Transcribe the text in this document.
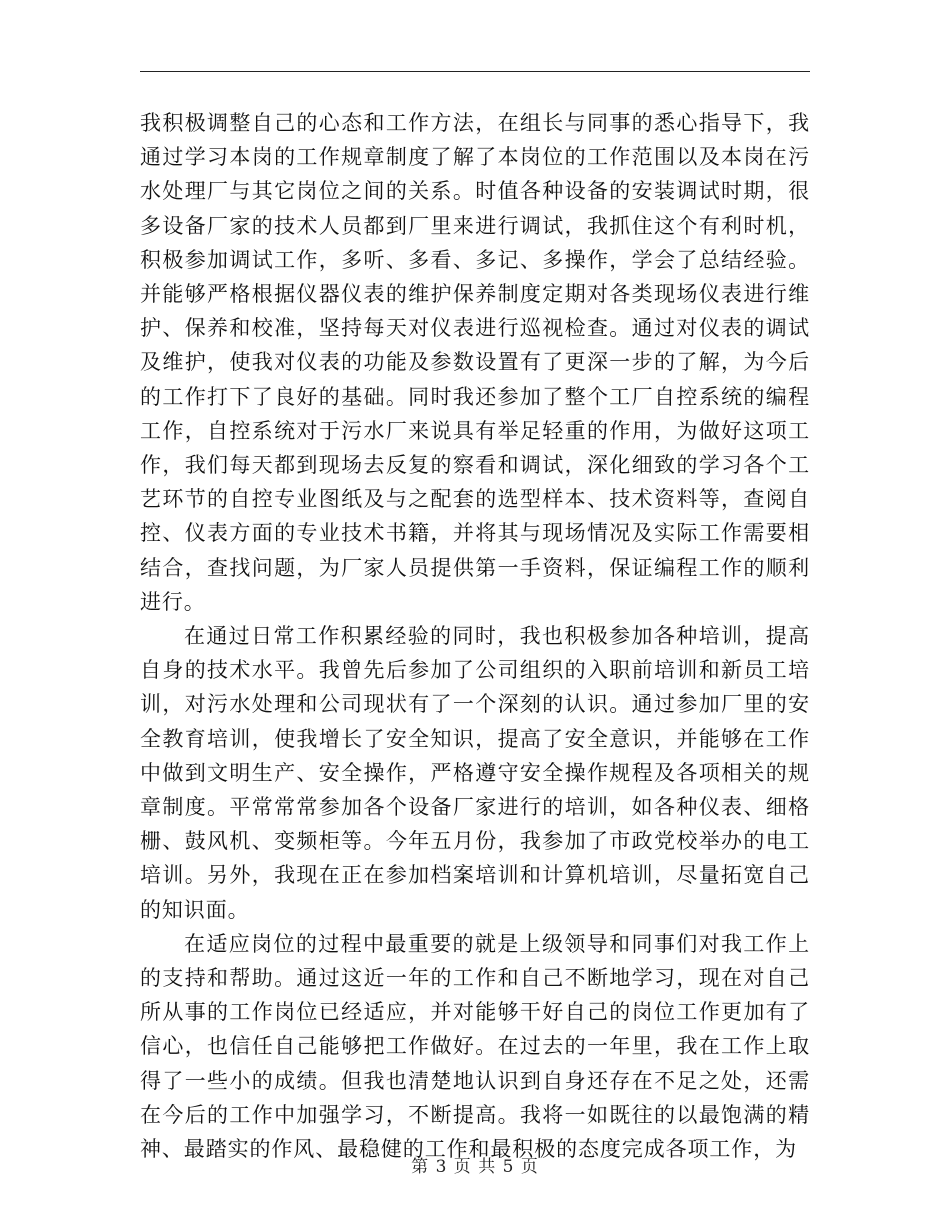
我积极调整自己的心态和工作方法，在组长与同事的悉心指导下，我通过学习本岗的工作规章制度了解了本岗位的工作范围以及本岗在污水处理厂与其它岗位之间的关系。时值各种设备的安装调试时期，很多设备厂家的技术人员都到厂里来进行调试，我抓住这个有利时机，积极参加调试工作，多听、多看、多记、多操作，学会了总结经验。并能够严格根据仪器仪表的维护保养制度定期对各类现场仪表进行维护、保养和校准，坚持每天对仪表进行巡视检查。通过对仪表的调试及维护，使我对仪表的功能及参数设置有了更深一步的了解，为今后的工作打下了良好的基础。同时我还参加了整个工厂自控系统的编程工作，自控系统对于污水厂来说具有举足轻重的作用，为做好这项工作，我们每天都到现场去反复的察看和调试，深化细致的学习各个工艺环节的自控专业图纸及与之配套的选型样本、技术资料等，查阅自控、仪表方面的专业技术书籍，并将其与现场情况及实际工作需要相结合，查找问题，为厂家人员提供第一手资料，保证编程工作的顺利进行。

在通过日常工作积累经验的同时，我也积极参加各种培训，提高自身的技术水平。我曾先后参加了公司组织的入职前培训和新员工培训，对污水处理和公司现状有了一个深刻的认识。通过参加厂里的安全教育培训，使我增长了安全知识，提高了安全意识，并能够在工作中做到文明生产、安全操作，严格遵守安全操作规程及各项相关的规章制度。平常常常参加各个设备厂家进行的培训，如各种仪表、细格栅、鼓风机、变频柜等。今年五月份，我参加了市政党校举办的电工培训。另外，我现在正在参加档案培训和计算机培训，尽量拓宽自己的知识面。

在适应岗位的过程中最重要的就是上级领导和同事们对我工作上的支持和帮助。通过这近一年的工作和自己不断地学习，现在对自己所从事的工作岗位已经适应，并对能够干好自己的岗位工作更加有了信心，也信任自己能够把工作做好。在过去的一年里，我在工作上取得了一些小的成绩。但我也清楚地认识到自身还存在不足之处，还需在今后的工作中加强学习，不断提高。我将一如既往的以最饱满的精神、最踏实的作风、最稳健的工作和最积极的态度完成各项工作，为

第 3 页 共 5 页
